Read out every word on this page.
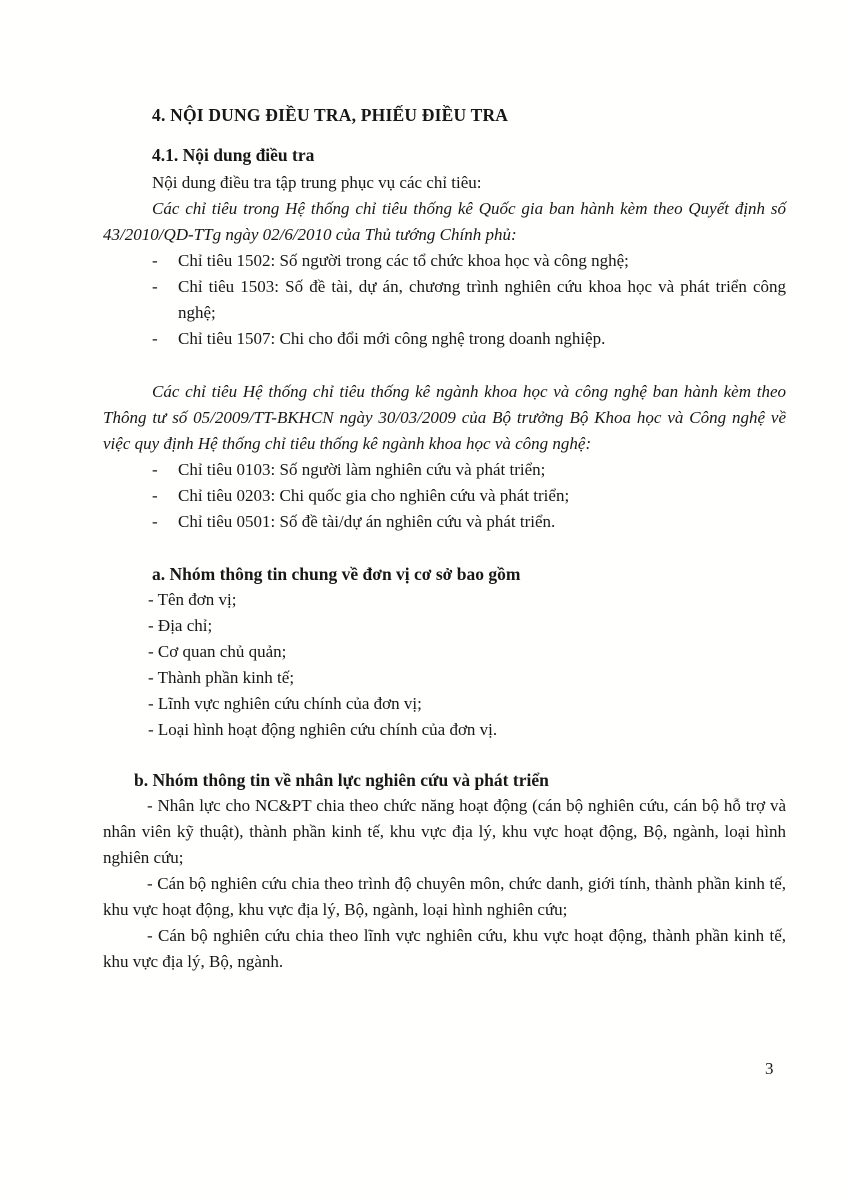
4. NỘI DUNG ĐIỀU TRA, PHIẾU ĐIỀU TRA
4.1. Nội dung điều tra

Nội dung điều tra tập trung phục vụ các chỉ tiêu:

Các chỉ tiêu trong Hệ thống chỉ tiêu thống kê Quốc gia ban hành kèm theo Quyết định số 43/2010/QD-TTg ngày 02/6/2010 của Thủ tướng Chính phủ:

-	Chỉ tiêu 1502: Số người trong các tổ chức khoa học và công nghệ;
-	Chỉ tiêu 1503: Số đề tài, dự án, chương trình nghiên cứu khoa học và phát triển công nghệ;
-	Chỉ tiêu 1507: Chi cho đổi mới công nghệ trong doanh nghiệp.

Các chỉ tiêu Hệ thống chỉ tiêu thống kê ngành khoa học và công nghệ ban hành kèm theo Thông tư số 05/2009/TT-BKHCN ngày 30/03/2009 của Bộ trưởng Bộ Khoa học và Công nghệ về việc quy định Hệ thống chỉ tiêu thống kê ngành khoa học và công nghệ:

-	Chỉ tiêu 0103: Số người làm nghiên cứu và phát triển;
-	Chỉ tiêu 0203: Chi quốc gia cho nghiên cứu và phát triển;
-	Chỉ tiêu 0501: Số đề tài/dự án nghiên cứu và phát triển.
a. Nhóm thông tin chung về đơn vị cơ sở bao gồm

- Tên đơn vị;

- Địa chỉ;

- Cơ quan chủ quản;

- Thành phần kinh tế;

- Lĩnh vực nghiên cứu chính của đơn vị;

- Loại hình hoạt động nghiên cứu chính của đơn vị.

b. Nhóm thông tin về nhân lực nghiên cứu và phát triển

- Nhân lực cho NC&PT chia theo chức năng hoạt động (cán bộ nghiên cứu, cán bộ hỗ trợ và nhân viên kỹ thuật), thành phần kinh tế, khu vực địa lý, khu vực hoạt động, Bộ, ngành, loại hình nghiên cứu;

- Cán bộ nghiên cứu chia theo trình độ chuyên môn, chức danh, giới tính, thành phần kinh tế, khu vực hoạt động, khu vực địa lý, Bộ, ngành, loại hình nghiên cứu;

- Cán bộ nghiên cứu chia theo lĩnh vực nghiên cứu, khu vực hoạt động, thành phần kinh tế, khu vực địa lý, Bộ, ngành.

3
